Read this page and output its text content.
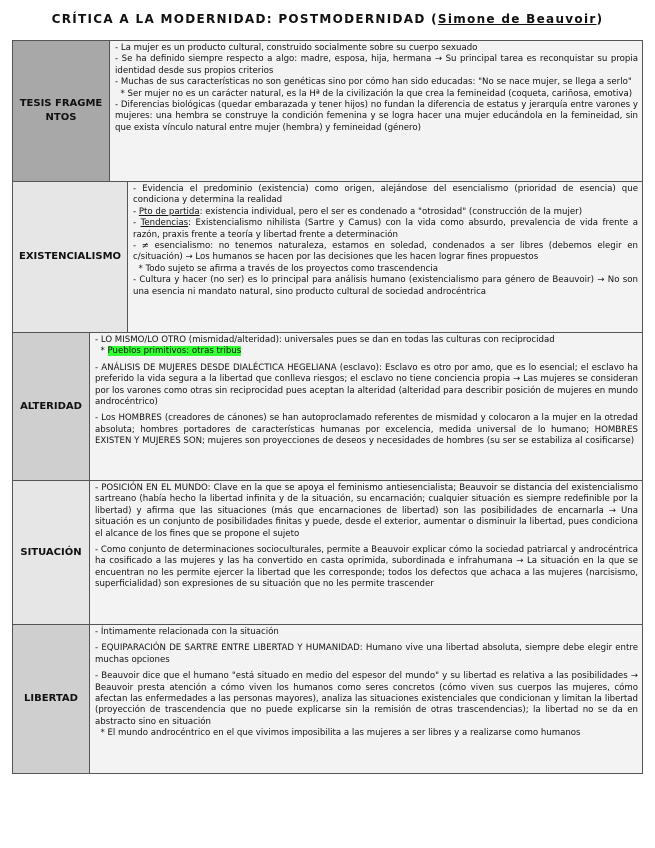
CRÍTICA A LA MODERNIDAD: POSTMODERNIDAD (Simone de Beauvoir)
TESIS FRAGMENTOS

- La mujer es un producto cultural, construido socialmente sobre su cuerpo sexuado

- Se ha definido siempre respecto a algo: madre, esposa, hija, hermana → Su principal tarea es reconquistar su propia identidad desde sus propios criterios

- Muchas de sus características no son genéticas sino por cómo han sido educadas: "No se nace mujer, se llega a serlo"

* Ser mujer no es un carácter natural, es la Hª de la civilización la que crea la femineidad (coqueta, cariñosa, emotiva)

- Diferencias biológicas (quedar embarazada y tener hijos) no fundan la diferencia de estatus y jerarquía entre varones y mujeres: una hembra se construye la condición femenina y se logra hacer una mujer educándola en la femineidad, sin que exista vínculo natural entre mujer (hembra) y femineidad (género)

EXISTENCIALISMO

- Evidencia el predominio (existencia) como origen, alejándose del esencialismo (prioridad de esencia) que condiciona y determina la realidad

- Pto de partida: existencia individual, pero el ser es condenado a "otrosidad" (construcción de la mujer)

- Tendencias: Existencialismo nihilista (Sartre y Camus) con la vida como absurdo, prevalencia de vida frente a razón, praxis frente a teoría y libertad frente a determinación

- ≠ esencialismo: no tenemos naturaleza, estamos en soledad, condenados a ser libres (debemos elegir en c/situación) → Los humanos se hacen por las decisiones que les hacen lograr fines propuestos

* Todo sujeto se afirma a través de los proyectos como trascendencia

- Cultura y hacer (no ser) es lo principal para análisis humano (existencialismo para género de Beauvoir) → No son una esencia ni mandato natural, sino producto cultural de sociedad androcéntrica

ALTERIDAD

- LO MISMO/LO OTRO (mismidad/alteridad): universales pues se dan en todas las culturas con reciprocidad

* Pueblos primitivos: otras tribus

- ANÁLISIS DE MUJERES DESDE DIALÉCTICA HEGELIANA (esclavo): Esclavo es otro por amo, que es lo esencial; el esclavo ha preferido la vida segura a la libertad que conlleva riesgos; el esclavo no tiene conciencia propia → Las mujeres se consideran por los varones como otras sin reciprocidad pues aceptan la alteridad (alteridad para describir posición de mujeres en mundo androcéntrico)

- Los HOMBRES (creadores de cánones) se han autoproclamado referentes de mismidad y colocaron a la mujer en la otredad absoluta; hombres portadores de características humanas por excelencia, medida universal de lo humano; HOMBRES EXISTEN Y MUJERES SON; mujeres son proyecciones de deseos y necesidades de hombres (su ser se estabiliza al cosificarse)

SITUACIÓN

- POSICIÓN EN EL MUNDO: Clave en la que se apoya el feminismo antiesencialista; Beauvoir se distancia del existencialismo sartreano (había hecho la libertad infinita y de la situación, su encarnación; cualquier situación es siempre redefinible por la libertad) y afirma que las situaciones (más que encarnaciones de libertad) son las posibilidades de encarnarla → Una situación es un conjunto de posibilidades finitas y puede, desde el exterior, aumentar o disminuir la libertad, pues condiciona el alcance de los fines que se propone el sujeto

- Como conjunto de determinaciones socioculturales, permite a Beauvoir explicar cómo la sociedad patriarcal y androcéntrica ha cosificado a las mujeres y las ha convertido en casta oprimida, subordinada e infrahumana → La situación en la que se encuentran no les permite ejercer la libertad que les corresponde; todos los defectos que achaca a las mujeres (narcisismo, superficialidad) son expresiones de su situación que no les permite trascender

LIBERTAD

- Íntimamente relacionada con la situación

- EQUIPARACIÓN DE SARTRE ENTRE LIBERTAD Y HUMANIDAD: Humano vive una libertad absoluta, siempre debe elegir entre muchas opciones

- Beauvoir dice que el humano "está situado en medio del espesor del mundo" y su libertad es relativa a las posibilidades → Beauvoir presta atención a cómo viven los humanos como seres concretos (cómo viven sus cuerpos las mujeres, cómo afectan las enfermedades a las personas mayores), analiza las situaciones existenciales que condicionan y limitan la libertad (proyección de trascendencia que no puede explicarse sin la remisión de otras trascendencias); la libertad no se da en abstracto sino en situación

* El mundo androcéntrico en el que vivimos imposibilita a las mujeres a ser libres y a realizarse como humanos
